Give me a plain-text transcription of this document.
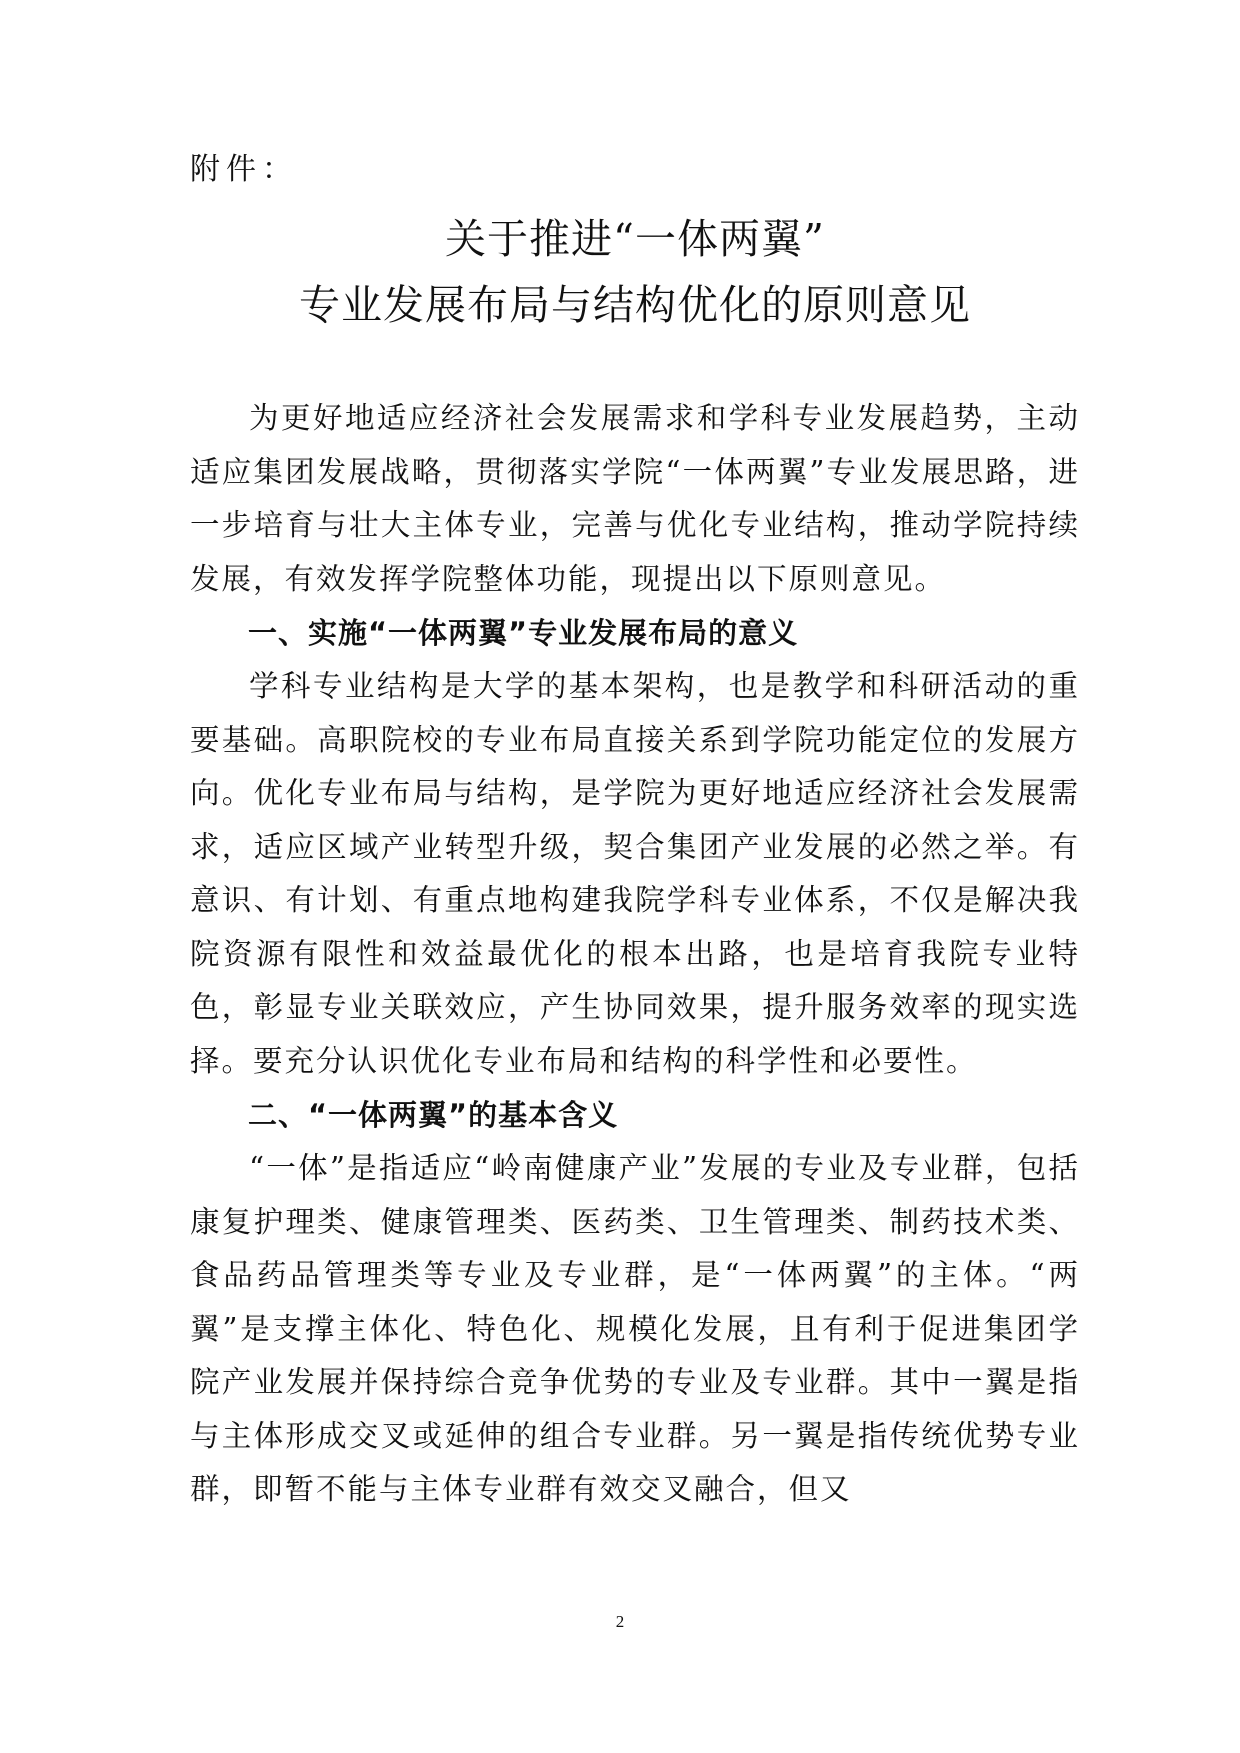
附件：

关于推进“一体两翼”
专业发展布局与结构优化的原则意见

为更好地适应经济社会发展需求和学科专业发展趋势，主动适应集团发展战略，贯彻落实学院“一体两翼”专业发展思路，进一步培育与壮大主体专业，完善与优化专业结构，推动学院持续发展，有效发挥学院整体功能，现提出以下原则意见。

一、实施“一体两翼”专业发展布局的意义

学科专业结构是大学的基本架构，也是教学和科研活动的重要基础。高职院校的专业布局直接关系到学院功能定位的发展方向。优化专业布局与结构，是学院为更好地适应经济社会发展需求，适应区域产业转型升级，契合集团产业发展的必然之举。有意识、有计划、有重点地构建我院学科专业体系，不仅是解决我院资源有限性和效益最优化的根本出路，也是培育我院专业特色，彰显专业关联效应，产生协同效果，提升服务效率的现实选择。要充分认识优化专业布局和结构的科学性和必要性。

二、“一体两翼”的基本含义

“一体”是指适应“岭南健康产业”发展的专业及专业群，包括康复护理类、健康管理类、医药类、卫生管理类、制药技术类、食品药品管理类等专业及专业群，是“一体两翼”的主体。“两翼”是支撑主体化、特色化、规模化发展，且有利于促进集团学院产业发展并保持综合竞争优势的专业及专业群。其中一翼是指与主体形成交叉或延伸的组合专业群。另一翼是指传统优势专业群，即暂不能与主体专业群有效交叉融合，但又

2
